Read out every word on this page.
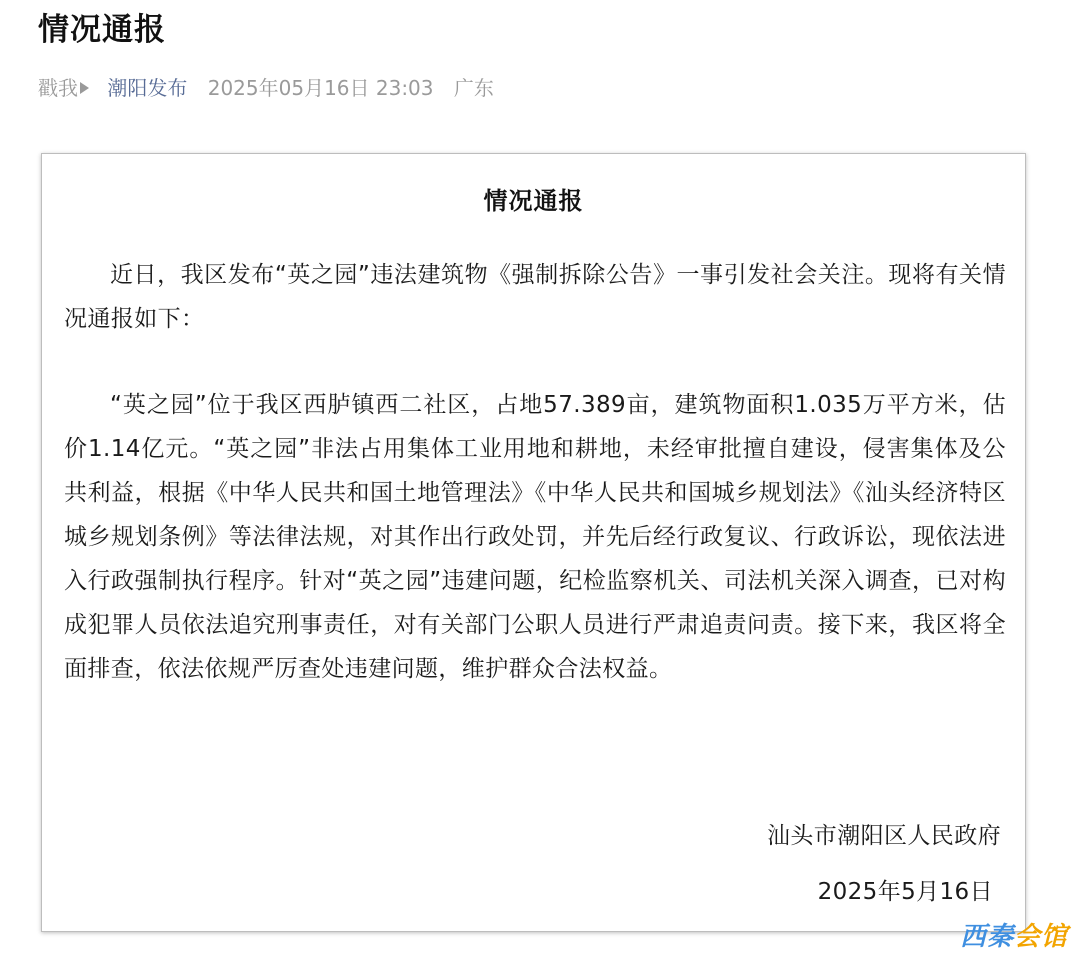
情况通报
戳我 潮阳发布 2025年05月16日 23:03 广东
情况通报
近日，我区发布“英之园”违法建筑物《强制拆除公告》一事引发社会关注。现将有关情况通报如下：
“英之园”位于我区西胪镇西二社区，占地57.389亩，建筑物面积1.035万平方米，估价1.14亿元。“英之园”非法占用集体工业用地和耕地，未经审批擅自建设，侵害集体及公共利益，根据《中华人民共和国土地管理法》《中华人民共和国城乡规划法》《汕头经济特区城乡规划条例》等法律法规，对其作出行政处罚，并先后经行政复议、行政诉讼，现依法进入行政强制执行程序。针对“英之园”违建问题，纪检监察机关、司法机关深入调查，已对构成犯罪人员依法追究刑事责任，对有关部门公职人员进行严肃追责问责。接下来，我区将全面排查，依法依规严厉查处违建问题，维护群众合法权益。
汕头市潮阳区人民政府
2025年5月16日
西秦会馆
